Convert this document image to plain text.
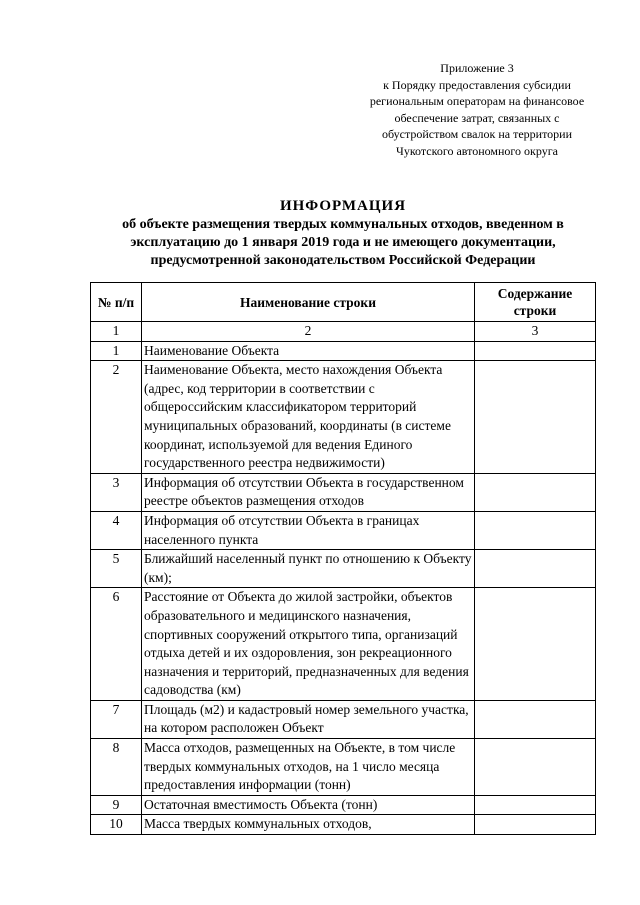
Приложение 3
к Порядку предоставления субсидии
региональным операторам на финансовое
обеспечение затрат, связанных с
обустройством свалок на территории
Чукотского автономного округа
ИНФОРМАЦИЯ
об объекте размещения твердых коммунальных отходов, введенном в
эксплуатацию до 1 января 2019 года и не имеющего документации,
предусмотренной законодательством Российской Федерации
№ п/п	Наименование строки	Содержание строки
1	2	3
1	Наименование Объекта	
2	Наименование Объекта, место нахождения Объекта (адрес, код территории в соответствии с общероссийским классификатором территорий муниципальных образований, координаты (в системе координат, используемой для ведения Единого государственного реестра недвижимости)	
3	Информация об отсутствии Объекта в государственном реестре объектов размещения отходов	
4	Информация об отсутствии Объекта в границах населенного пункта	
5	Ближайший населенный пункт по отношению к Объекту (км);	
6	Расстояние от Объекта до жилой застройки, объектов образовательного и медицинского назначения, спортивных сооружений открытого типа, организаций отдыха детей и их оздоровления, зон рекреационного назначения и территорий, предназначенных для ведения садоводства (км)	
7	Площадь (м2) и кадастровый номер земельного участка, на котором расположен Объект	
8	Масса отходов, размещенных на Объекте, в том числе твердых коммунальных отходов, на 1 число месяца предоставления информации (тонн)	
9	Остаточная вместимость Объекта (тонн)	
10	Масса твердых коммунальных отходов,	
